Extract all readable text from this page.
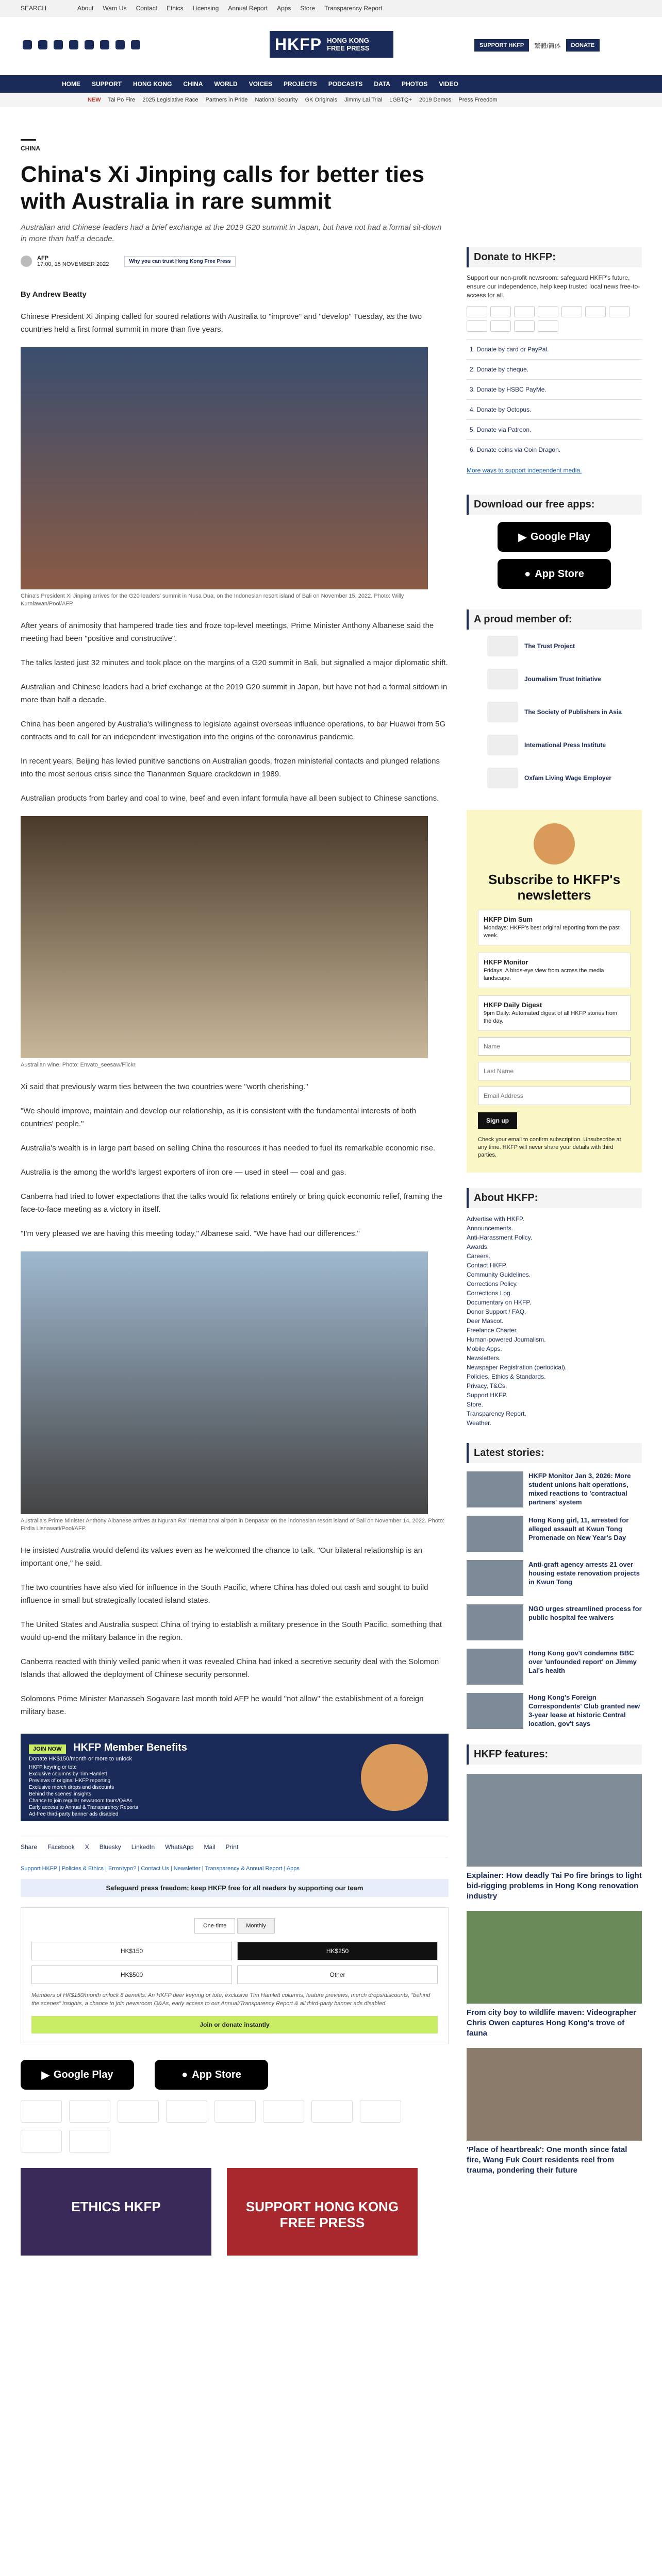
SEARCH	About Warn Us Contact Ethics Licensing Annual Report Apps Store Transparency Report
HKFP HONG KONG
FREE PRESS	SUPPORT HKFP	繁體/简体	DONATE
HOME SUPPORT HONG KONG CHINA WORLD VOICES PROJECTS PODCASTS DATA PHOTOS VIDEO
NEW Tai Po Fire 2025 Legislative Race Partners in Pride National Security GK Originals Jimmy Lai Trial LGBTQ+ 2019 Demos Press Freedom
CHINA
China's Xi Jinping calls for better ties with Australia in rare summit
Australian and Chinese leaders had a brief exchange at the 2019 G20 summit in Japan, but have not had a formal sit-down in more than half a decade.
AFP
17:00, 15 NOVEMBER 2022	Why you can trust Hong Kong Free Press
By Andrew Beatty

Chinese President Xi Jinping called for soured relations with Australia to "improve" and "develop" Tuesday, as the two countries held a first formal summit in more than five years.

China's President Xi Jinping arrives for the G20 leaders' summit in Nusa Dua, on the Indonesian resort island of Bali on November 15, 2022. Photo: Willy Kurniawan/Pool/AFP.

After years of animosity that hampered trade ties and froze top-level meetings, Prime Minister Anthony Albanese said the meeting had been "positive and constructive".

The talks lasted just 32 minutes and took place on the margins of a G20 summit in Bali, but signalled a major diplomatic shift.

Australian and Chinese leaders had a brief exchange at the 2019 G20 summit in Japan, but have not had a formal sitdown in more than half a decade.

China has been angered by Australia's willingness to legislate against overseas influence operations, to bar Huawei from 5G contracts and to call for an independent investigation into the origins of the coronavirus pandemic.

In recent years, Beijing has levied punitive sanctions on Australian goods, frozen ministerial contacts and plunged relations into the most serious crisis since the Tiananmen Square crackdown in 1989.

Australian products from barley and coal to wine, beef and even infant formula have all been subject to Chinese sanctions.

Australian wine. Photo: Envato_seesaw/Flickr.

Xi said that previously warm ties between the two countries were "worth cherishing."

"We should improve, maintain and develop our relationship, as it is consistent with the fundamental interests of both countries' people."

Australia's wealth is in large part based on selling China the resources it has needed to fuel its remarkable economic rise.

Australia is the among the world's largest exporters of iron ore — used in steel — coal and gas.

Canberra had tried to lower expectations that the talks would fix relations entirely or bring quick economic relief, framing the face-to-face meeting as a victory in itself.

"I'm very pleased we are having this meeting today," Albanese said. "We have had our differences."

Australia's Prime Minister Anthony Albanese arrives at Ngurah Rai International airport in Denpasar on the Indonesian resort island of Bali on November 14, 2022. Photo: Firdia Lisnawati/Pool/AFP.

He insisted Australia would defend its values even as he welcomed the chance to talk. "Our bilateral relationship is an important one," he said.

The two countries have also vied for influence in the South Pacific, where China has doled out cash and sought to build influence in small but strategically located island states.

The United States and Australia suspect China of trying to establish a military presence in the South Pacific, something that would up-end the military balance in the region.

Canberra reacted with thinly veiled panic when it was revealed China had inked a secretive security deal with the Solomon Islands that allowed the deployment of Chinese security personnel.

Solomons Prime Minister Manasseh Sogavare last month told AFP he would "not allow" the establishment of a foreign military base.

JOIN NOW HKFP Member Benefits
Donate HK$150/month or more to unlock
HKFP keyring or tote
Exclusive columns by Tim Hamlett
Previews of original HKFP reporting
Exclusive merch drops and discounts
Behind the scenes' insights
Chance to join regular newsroom tours/Q&As
Early access to Annual & Transparency Reports
Ad-free third-party banner ads disabled
Share Facebook X Bluesky LinkedIn WhatsApp Mail Print
Support HKFP | Policies & Ethics | Error/typo? | Contact Us | Newsletter | Transparency & Annual Report | Apps
Safeguard press freedom; keep HKFP free for all readers by supporting our team
One-time	Monthly
HK$150	HK$250
HK$500	Other
Members of HK$150/month unlock 8 benefits: An HKFP deer keyring or tote, exclusive Tim Hamlett columns, feature previews, merch drops/discounts, "behind the scenes" insights, a chance to join newsroom Q&As, early access to our Annual/Transparency Report & all third-party banner ads disabled.
Join or donate instantly
▶ Google Play	● App Store
ETHICS HKFP	SUPPORT HONG KONG FREE PRESS
Donate to HKFP:
Support our non-profit newsroom: safeguard HKFP's future, ensure our independence, help keep trusted local news free-to-access for all.
1. Donate by card or PayPal.
2. Donate by cheque.
3. Donate by HSBC PayMe.
4. Donate by Octopus.
5. Donate via Patreon.
6. Donate coins via Coin Dragon.
More ways to support independent media.
Download our free apps:
▶ Google Play
● App Store
A proud member of:
The Trust Project
Journalism Trust Initiative
The Society of Publishers in Asia
International Press Institute
Oxfam Living Wage Employer
Subscribe to HKFP's newsletters
HKFP Dim Sum
Mondays: HKFP's best original reporting from the past week.
HKFP Monitor
Fridays: A birds-eye view from across the media landscape.
HKFP Daily Digest
9pm Daily: Automated digest of all HKFP stories from the day.
Name Last Name Email Address Sign up
Check your email to confirm subscription. Unsubscribe at any time. HKFP will never share your details with third parties.
About HKFP:
Advertise with HKFP.
Announcements.
Anti-Harassment Policy.
Awards.
Careers.
Contact HKFP.
Community Guidelines.
Corrections Policy.
Corrections Log.
Documentary on HKFP.
Donor Support / FAQ.
Deer Mascot.
Freelance Charter.
Human-powered Journalism.
Mobile Apps.
Newsletters.
Newspaper Registration (periodical).
Policies, Ethics & Standards.
Privacy, T&Cs.
Support HKFP.
Store.
Transparency Report.
Weather.
Latest stories:
HKFP Monitor Jan 3, 2026: More student unions halt operations, mixed reactions to 'contractual partners' system
Hong Kong girl, 11, arrested for alleged assault at Kwun Tong Promenade on New Year's Day
Anti-graft agency arrests 21 over housing estate renovation projects in Kwun Tong
NGO urges streamlined process for public hospital fee waivers
Hong Kong gov't condemns BBC over 'unfounded report' on Jimmy Lai's health
Hong Kong's Foreign Correspondents' Club granted new 3-year lease at historic Central location, gov't says
HKFP features:
Explainer: How deadly Tai Po fire brings to light bid-rigging problems in Hong Kong renovation industry
From city boy to wildlife maven: Videographer Chris Owen captures Hong Kong's trove of fauna
'Place of heartbreak': One month since fatal fire, Wang Fuk Court residents reel from trauma, pondering their future
